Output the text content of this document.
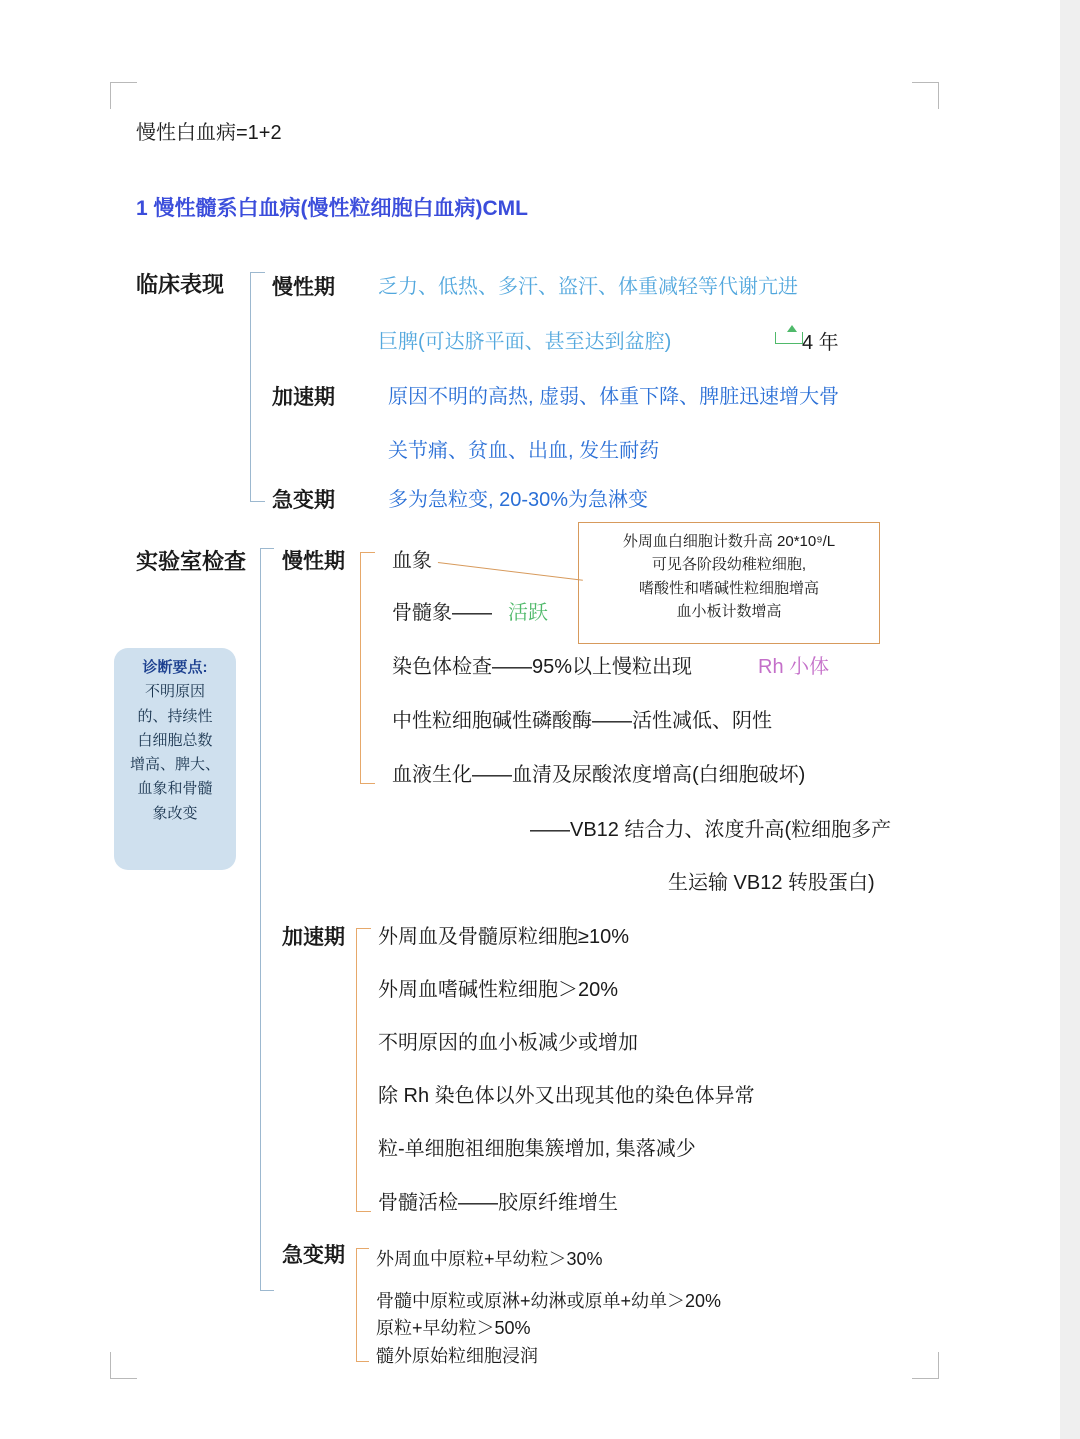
慢性白血病=1+2
1 慢性髓系白血病(慢性粒细胞白血病)CML
临床表现 慢性期 乏力、低热、多汗、盗汗、体重减轻等代谢亢进
巨脾(可达脐平面、甚至达到盆腔)	4 年
加速期	原因不明的高热, 虚弱、体重下降、脾脏迅速增大骨
关节痛、贫血、出血, 发生耐药
急变期	多为急粒变, 20-30%为急淋变
实验室检查 慢性期 血象
骨髓象—— 活跃
染色体检查——95%以上慢粒出现	Rh 小体
中性粒细胞碱性磷酸酶——活性减低、阴性
血液生化——血清及尿酸浓度增高(白细胞破坏)
——VB12 结合力、浓度升高(粒细胞多产
生运输 VB12 转股蛋白)
外周血白细胞计数升高 20*10⁹/L
可见各阶段幼稚粒细胞,
嗜酸性和嗜碱性粒细胞增高
血小板计数增高
诊断要点:
不明原因
的、持续性
白细胞总数
增高、脾大、
血象和骨髓
象改变
加速期 外周血及骨髓原粒细胞≥10%
外周血嗜碱性粒细胞＞20%
不明原因的血小板减少或增加
除 Rh 染色体以外又出现其他的染色体异常
粒-单细胞祖细胞集簇增加, 集落减少
骨髓活检——胶原纤维增生
急变期 外周血中原粒+早幼粒＞30%
骨髓中原粒或原淋+幼淋或原单+幼单＞20%
原粒+早幼粒＞50%
髓外原始粒细胞浸润
